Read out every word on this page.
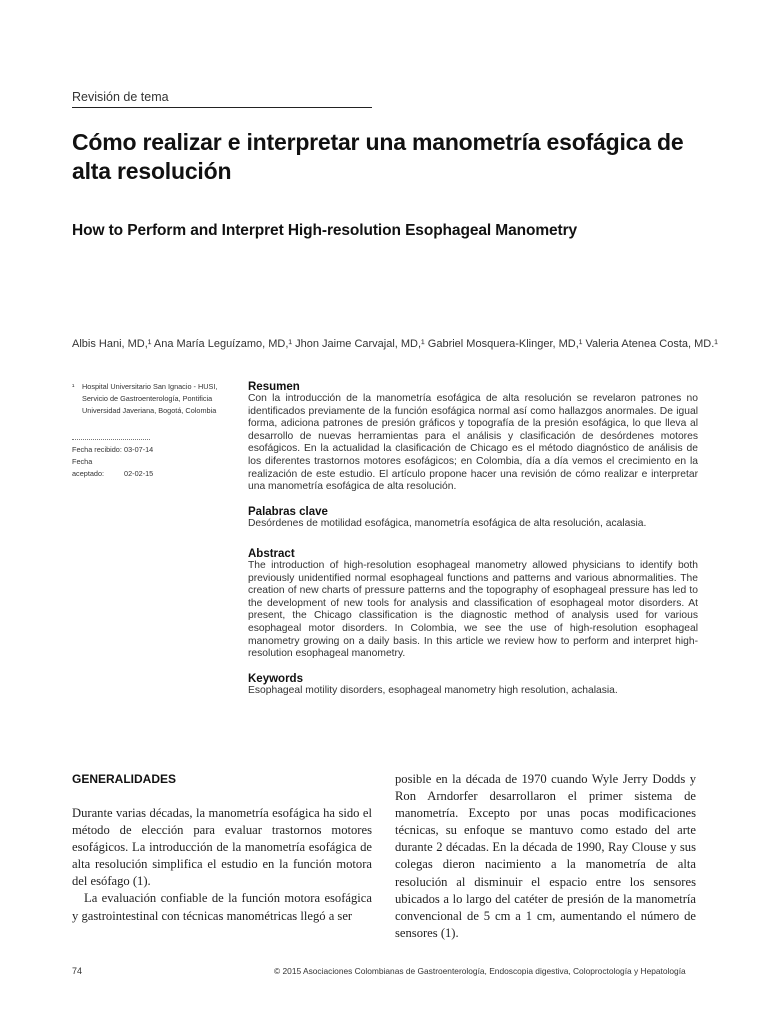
Revisión de tema
Cómo realizar e interpretar una manometría esofágica de alta resolución
How to Perform and Interpret High-resolution Esophageal Manometry
Albis Hani, MD,¹ Ana María Leguízamo, MD,¹ Jhon Jaime Carvajal, MD,¹ Gabriel Mosquera-Klinger, MD,¹ Valeria Atenea Costa, MD.¹
¹	Hospital Universitario San Ignacio - HUSI, Servicio de Gastroenterología, Pontificia Universidad Javeriana, Bogotá, Colombia
Fecha recibido: 03-07-14
Fecha aceptado:	02-02-15
Resumen

Con la introducción de la manometría esofágica de alta resolución se revelaron patrones no identificados previamente de la función esofágica normal así como hallazgos anormales. De igual forma, adiciona patrones de presión gráficos y topografía de la presión esofágica, lo que lleva al desarrollo de nuevas herramientas para el análisis y clasificación de desórdenes motores esofágicos. En la actualidad la clasificación de Chicago es el método diagnóstico de análisis de los diferentes trastornos motores esofágicos; en Colombia, día a día vemos el crecimiento en la realización de este estudio. El artículo propone hacer una revisión de cómo realizar e interpretar una manometría esofágica de alta resolución.

Palabras clave

Desórdenes de motilidad esofágica, manometría esofágica de alta resolución, acalasia.

Abstract

The introduction of high-resolution esophageal manometry allowed physicians to identify both previously unidentified normal esophageal functions and patterns and various abnormalities. The creation of new charts of pressure patterns and the topography of esophageal pressure has led to the development of new tools for analysis and classification of esophageal motor disorders. At present, the Chicago classification is the diagnostic method of analysis used for various esophageal motor disorders. In Colombia, we see the use of high-resolution esophageal manometry growing on a daily basis. In this article we review how to perform and interpret high-resolution esophageal manometry.

Keywords

Esophageal motility disorders, esophageal manometry high resolution, achalasia.

GENERALIDADES

Durante varias décadas, la manometría esofágica ha sido el método de elección para evaluar trastornos motores esofágicos. La introducción de la manometría esofágica de alta resolución simplifica el estudio en la función motora del esófago (1).

La evaluación confiable de la función motora esofágica y gastrointestinal con técnicas manométricas llegó a ser

posible en la década de 1970 cuando Wyle Jerry Dodds y Ron Arndorfer desarrollaron el primer sistema de manometría. Excepto por unas pocas modificaciones técnicas, su enfoque se mantuvo como estado del arte durante 2 décadas. En la década de 1990, Ray Clouse y sus colegas dieron nacimiento a la manometría de alta resolución al disminuir el espacio entre los sensores ubicados a lo largo del catéter de presión de la manometría convencional de 5 cm a 1 cm, aumentando el número de sensores (1).

74	© 2015 Asociaciones Colombianas de Gastroenterología, Endoscopia digestiva, Coloproctología y Hepatología
